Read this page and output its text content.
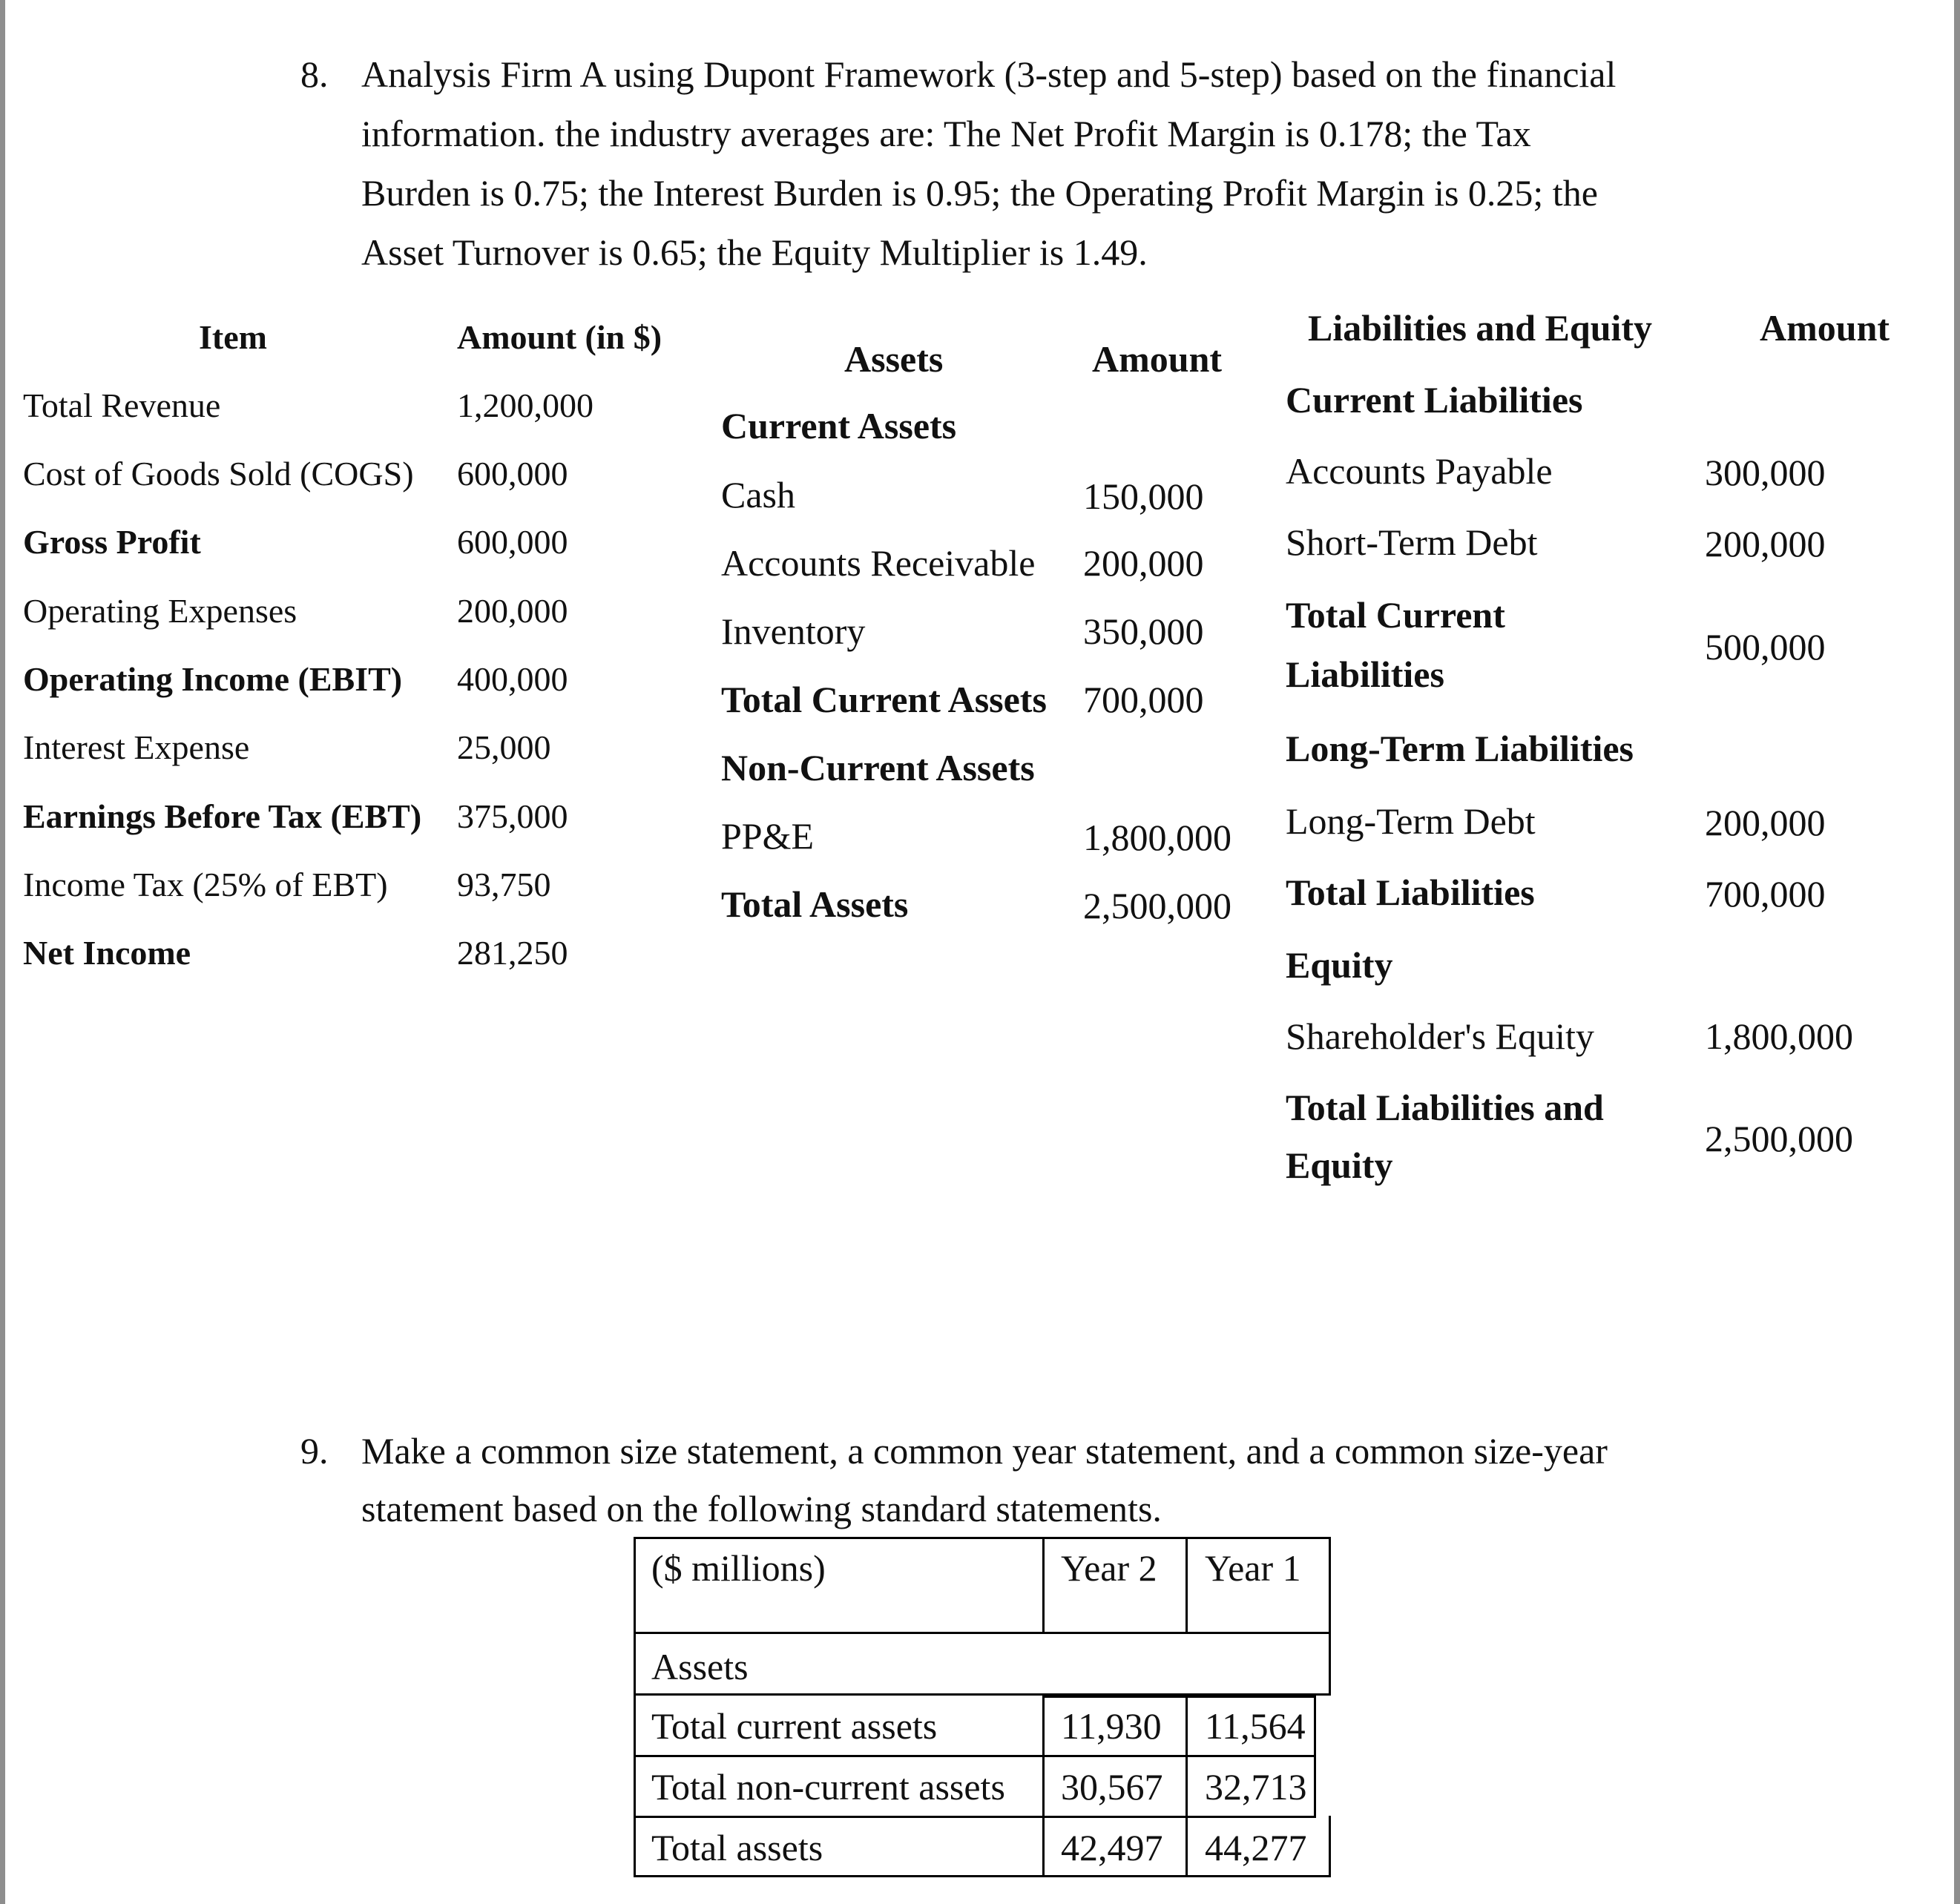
8. Analysis Firm A using Dupont Framework (3-step and 5-step) based on the financial
information. the industry averages are: The Net Profit Margin is 0.178; the Tax
Burden is 0.75; the Interest Burden is 0.95; the Operating Profit Margin is 0.25; the
Asset Turnover is 0.65; the Equity Multiplier is 1.49.
Item	Amount (in $)
Total Revenue	1,200,000
Cost of Goods Sold (COGS) 600,000
Gross Profit	600,000
Operating Expenses	200,000
Operating Income (EBIT) 400,000
Interest Expense	25,000
Earnings Before Tax (EBT) 375,000
Income Tax (25% of EBT) 93,750
Net Income	281,250
Assets	Amount
Current Assets
Cash	150,000
Accounts Receivable 200,000
Inventory	350,000
Total Current Assets 700,000
Non-Current Assets
PP&E	1,800,000
Total Assets	2,500,000
Liabilities and Equity	Amount
Current Liabilities
Accounts Payable	300,000
Short-Term Debt	200,000
Total Current
Liabilities
500,000
Long-Term Liabilities
Long-Term Debt	200,000
Total Liabilities	700,000
Equity
Shareholder's Equity	1,800,000
Total Liabilities and
Equity
2,500,000
9. Make a common size statement, a common year statement, and a common size-year
statement based on the following standard statements.
($ millions)	Year 2 Year 1
Assets
Total current assets	11,930 11,564
Total non-current assets 30,567 32,713
Total assets	42,497 44,277
